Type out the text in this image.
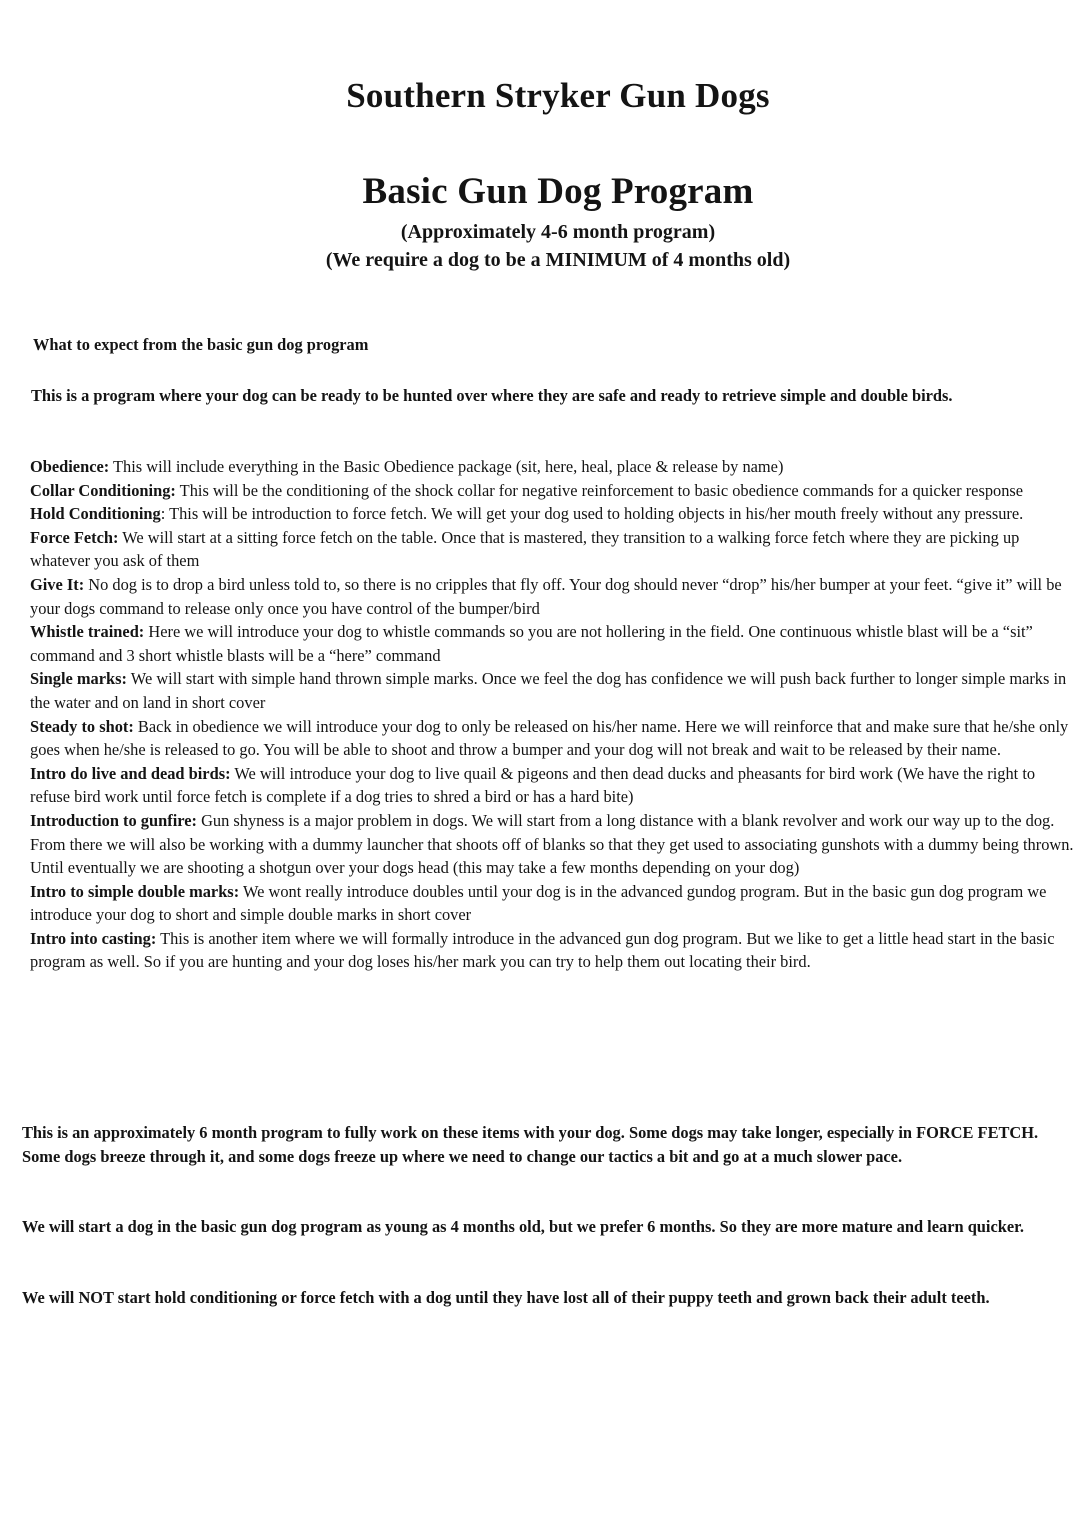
Southern Stryker Gun Dogs
Basic Gun Dog Program
(Approximately 4-6 month program)
(We require a dog to be a MINIMUM of 4 months old)
What to expect from the basic gun dog program
This is a program where your dog can be ready to be hunted over where they are safe and ready to retrieve simple and double birds.

Obedience: This will include everything in the Basic Obedience package (sit, here, heal, place & release by name)

Collar Conditioning: This will be the conditioning of the shock collar for negative reinforcement to basic obedience commands for a quicker response

Hold Conditioning: This will be introduction to force fetch. We will get your dog used to holding objects in his/her mouth freely without any pressure.

Force Fetch: We will start at a sitting force fetch on the table. Once that is mastered, they transition to a walking force fetch where they are picking up whatever you ask of them

Give It: No dog is to drop a bird unless told to, so there is no cripples that fly off. Your dog should never “drop” his/her bumper at your feet. “give it” will be your dogs command to release only once you have control of the bumper/bird

Whistle trained: Here we will introduce your dog to whistle commands so you are not hollering in the field. One continuous whistle blast will be a “sit” command and 3 short whistle blasts will be a “here” command

Single marks: We will start with simple hand thrown simple marks. Once we feel the dog has confidence we will push back further to longer simple marks in the water and on land in short cover

Steady to shot: Back in obedience we will introduce your dog to only be released on his/her name. Here we will reinforce that and make sure that he/she only goes when he/she is released to go. You will be able to shoot and throw a bumper and your dog will not break and wait to be released by their name.

Intro do live and dead birds: We will introduce your dog to live quail & pigeons and then dead ducks and pheasants for bird work (We have the right to refuse bird work until force fetch is complete if a dog tries to shred a bird or has a hard bite)

Introduction to gunfire: Gun shyness is a major problem in dogs. We will start from a long distance with a blank revolver and work our way up to the dog. From there we will also be working with a dummy launcher that shoots off of blanks so that they get used to associating gunshots with a dummy being thrown. Until eventually we are shooting a shotgun over your dogs head (this may take a few months depending on your dog)

Intro to simple double marks: We wont really introduce doubles until your dog is in the advanced gundog program. But in the basic gun dog program we introduce your dog to short and simple double marks in short cover

Intro into casting: This is another item where we will formally introduce in the advanced gun dog program. But we like to get a little head start in the basic program as well. So if you are hunting and your dog loses his/her mark you can try to help them out locating their bird.

This is an approximately 6 month program to fully work on these items with your dog. Some dogs may take longer, especially in FORCE FETCH. Some dogs breeze through it, and some dogs freeze up where we need to change our tactics a bit and go at a much slower pace.
We will start a dog in the basic gun dog program as young as 4 months old, but we prefer 6 months. So they are more mature and learn quicker.
We will NOT start hold conditioning or force fetch with a dog until they have lost all of their puppy teeth and grown back their adult teeth.
